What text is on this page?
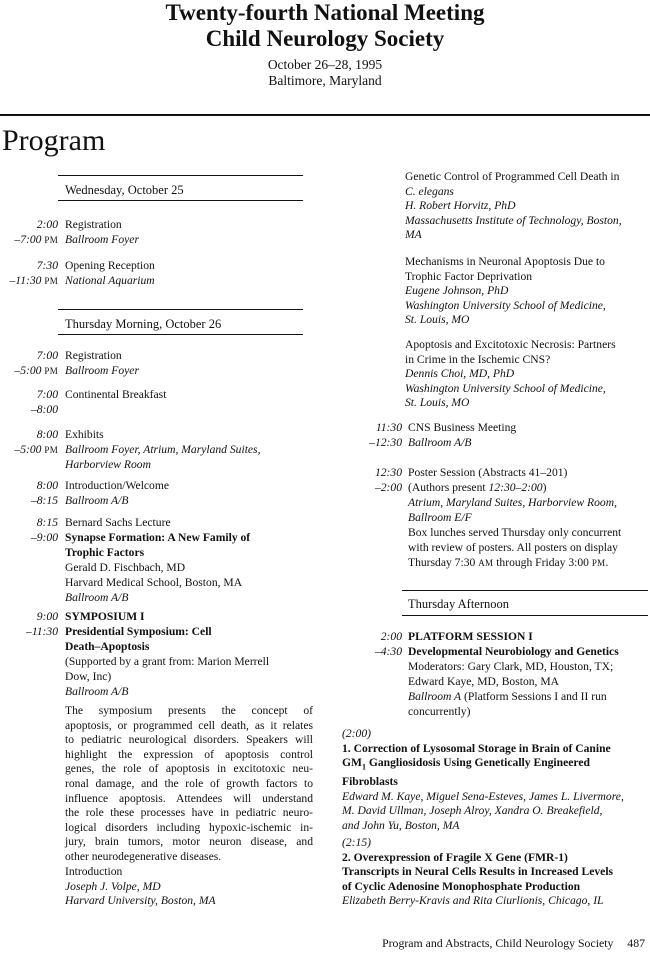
Twenty-fourth National Meeting
Child Neurology Society
October 26–28, 1995
Baltimore, Maryland
Program
Wednesday, October 25
2:00
–7:00 PM
Registration
Ballroom Foyer
7:30
–11:30 PM
Opening Reception
National Aquarium
Thursday Morning, October 26
7:00
–5:00 PM
Registration
Ballroom Foyer
7:00
–8:00
Continental Breakfast
8:00
–5:00 PM
Exhibits
Ballroom Foyer, Atrium, Maryland Suites,
Harborview Room
8:00
–8:15
Introduction/Welcome
Ballroom A/B
8:15
–9:00
Bernard Sachs Lecture
Synapse Formation: A New Family of
Trophic Factors
Gerald D. Fischbach, MD
Harvard Medical School, Boston, MA
Ballroom A/B
9:00
–11:30
SYMPOSIUM I
Presidential Symposium: Cell
Death–Apoptosis
(Supported by a grant from: Marion Merrell
Dow, Inc)
Ballroom A/B
The symposium presents the concept of
apoptosis, or programmed cell death, as it relates
to pediatric neurological disorders. Speakers will
highlight the expression of apoptosis control
genes, the role of apoptosis in excitotoxic neu-
ronal damage, and the role of growth factors to
influence apoptosis. Attendees will understand
the role these processes have in pediatric neuro-
logical disorders including hypoxic-ischemic in-
jury, brain tumors, motor neuron disease, and
other neurodegenerative diseases.
Introduction
Joseph J. Volpe, MD
Harvard University, Boston, MA
Genetic Control of Programmed Cell Death in
C. elegans
H. Robert Horvitz, PhD
Massachusetts Institute of Technology, Boston,
MA
Mechanisms in Neuronal Apoptosis Due to
Trophic Factor Deprivation
Eugene Johnson, PhD
Washington University School of Medicine,
St. Louis, MO
Apoptosis and Excitotoxic Necrosis: Partners
in Crime in the Ischemic CNS?
Dennis Choi, MD, PhD
Washington University School of Medicine,
St. Louis, MO
11:30
–12:30
CNS Business Meeting
Ballroom A/B
12:30
–2:00
Poster Session (Abstracts 41–201)
(Authors present 12:30–2:00)
Atrium, Maryland Suites, Harborview Room,
Ballroom E/F
Box lunches served Thursday only concurrent
with review of posters. All posters on display
Thursday 7:30 AM through Friday 3:00 PM.
Thursday Afternoon
2:00
–4:30
PLATFORM SESSION I
Developmental Neurobiology and Genetics
Moderators: Gary Clark, MD, Houston, TX;
Edward Kaye, MD, Boston, MA
Ballroom A (Platform Sessions I and II run
concurrently)
(2:00)
1. Correction of Lysosomal Storage in Brain of Canine
$GM_1$ Gangliosidosis Using Genetically Engineered
Fibroblasts
Edward M. Kaye, Miguel Sena-Esteves, James L. Livermore,
M. David Ullman, Joseph Alroy, Xandra O. Breakefield,
and John Yu, Boston, MA
(2:15)
2. Overexpression of Fragile X Gene (FMR-1)
Transcripts in Neural Cells Results in Increased Levels
of Cyclic Adenosine Monophosphate Production
Elizabeth Berry-Kravis and Rita Ciurlionis, Chicago, IL
Program and Abstracts, Child Neurology Society 487
